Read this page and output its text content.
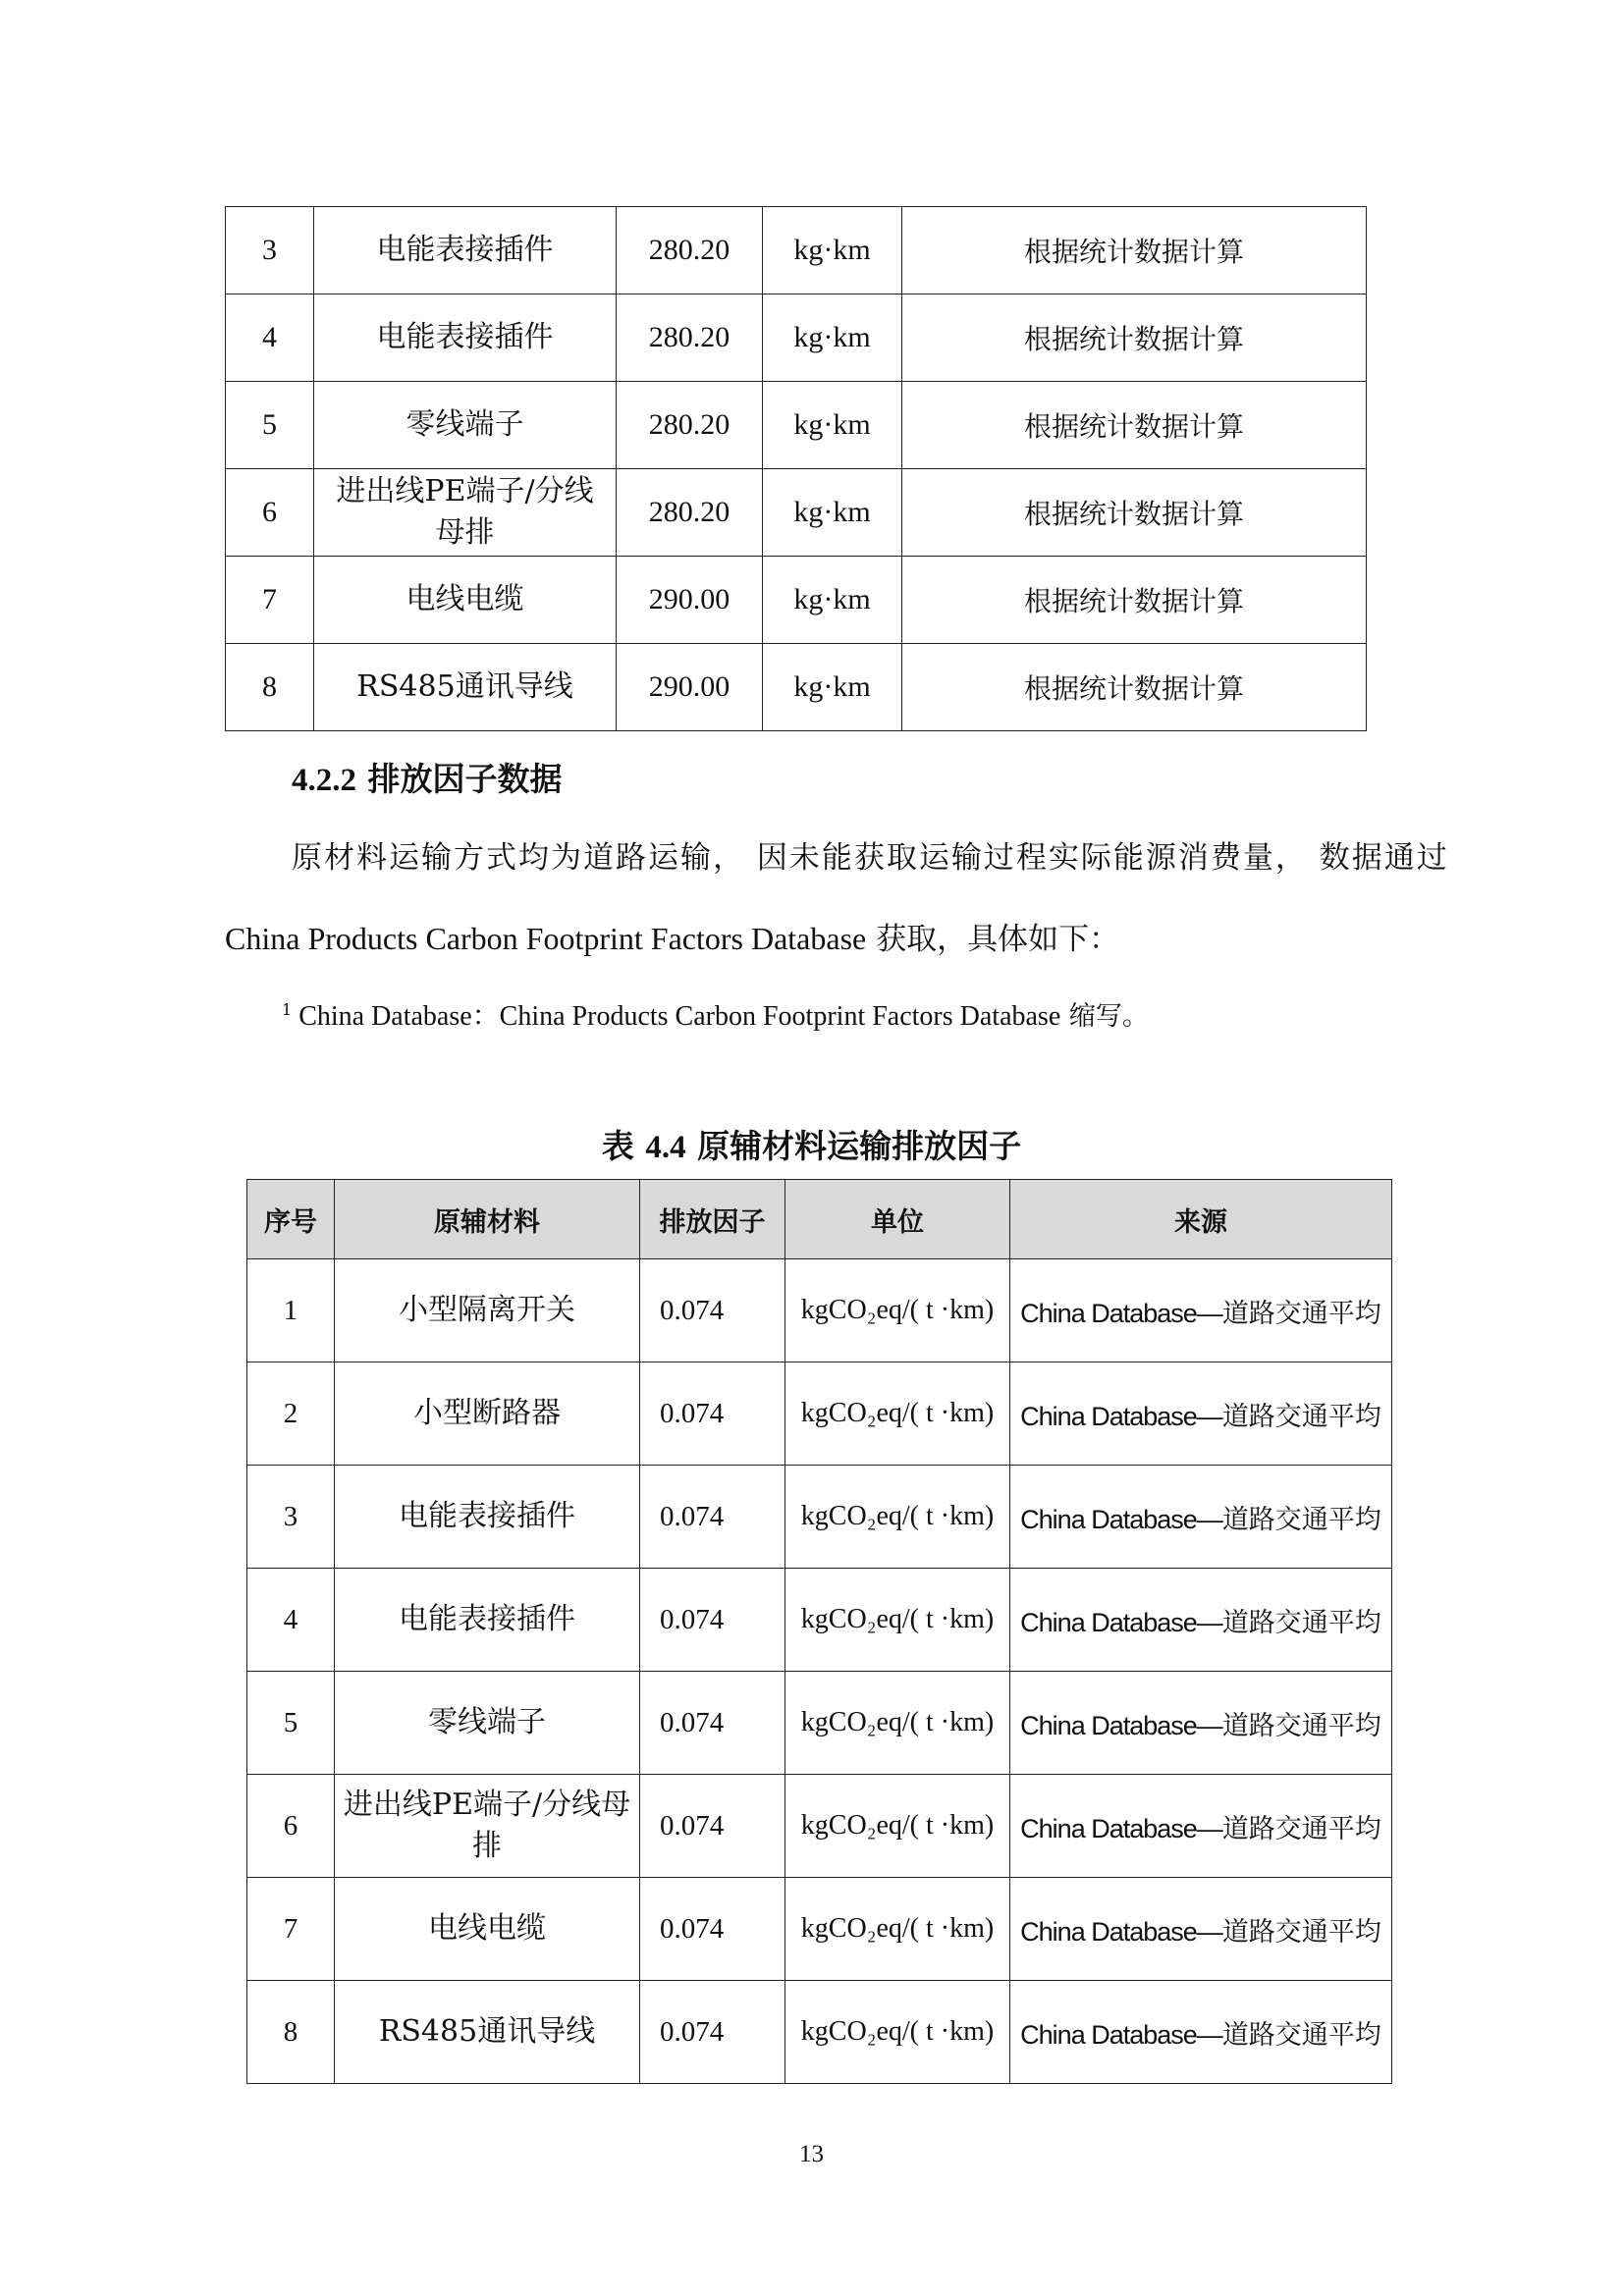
3	电能表接插件	280.20	kg·km	根据统计数据计算
4	电能表接插件	280.20	kg·km	根据统计数据计算
5	零线端子	280.20	kg·km	根据统计数据计算
6	进出线PE端子/分线母排	280.20	kg·km	根据统计数据计算
7	电线电缆	290.00	kg·km	根据统计数据计算
8	RS485通讯导线	290.00	kg·km	根据统计数据计算
4.2.2 排放因子数据
原材料运输方式均为道路运输， 因未能获取运输过程实际能源消费量， 数据通过
China Products Carbon Footprint Factors Database 获取，具体如下：
$^1$ China Database：China Products Carbon Footprint Factors Database 缩写。
表 4.4 原辅材料运输排放因子
序号	原辅材料	排放因子	单位	来源
1	小型隔离开关	0.074	kgCO₂eq/( t ·km)	China Database—道路交通平均
2	小型断路器	0.074	kgCO₂eq/( t ·km)	China Database—道路交通平均
3	电能表接插件	0.074	kgCO₂eq/( t ·km)	China Database—道路交通平均
4	电能表接插件	0.074	kgCO₂eq/( t ·km)	China Database—道路交通平均
5	零线端子	0.074	kgCO₂eq/( t ·km)	China Database—道路交通平均
6	进出线PE端子/分线母排	0.074	kgCO₂eq/( t ·km)	China Database—道路交通平均
7	电线电缆	0.074	kgCO₂eq/( t ·km)	China Database—道路交通平均
8	RS485通讯导线	0.074	kgCO₂eq/( t ·km)	China Database—道路交通平均
13
